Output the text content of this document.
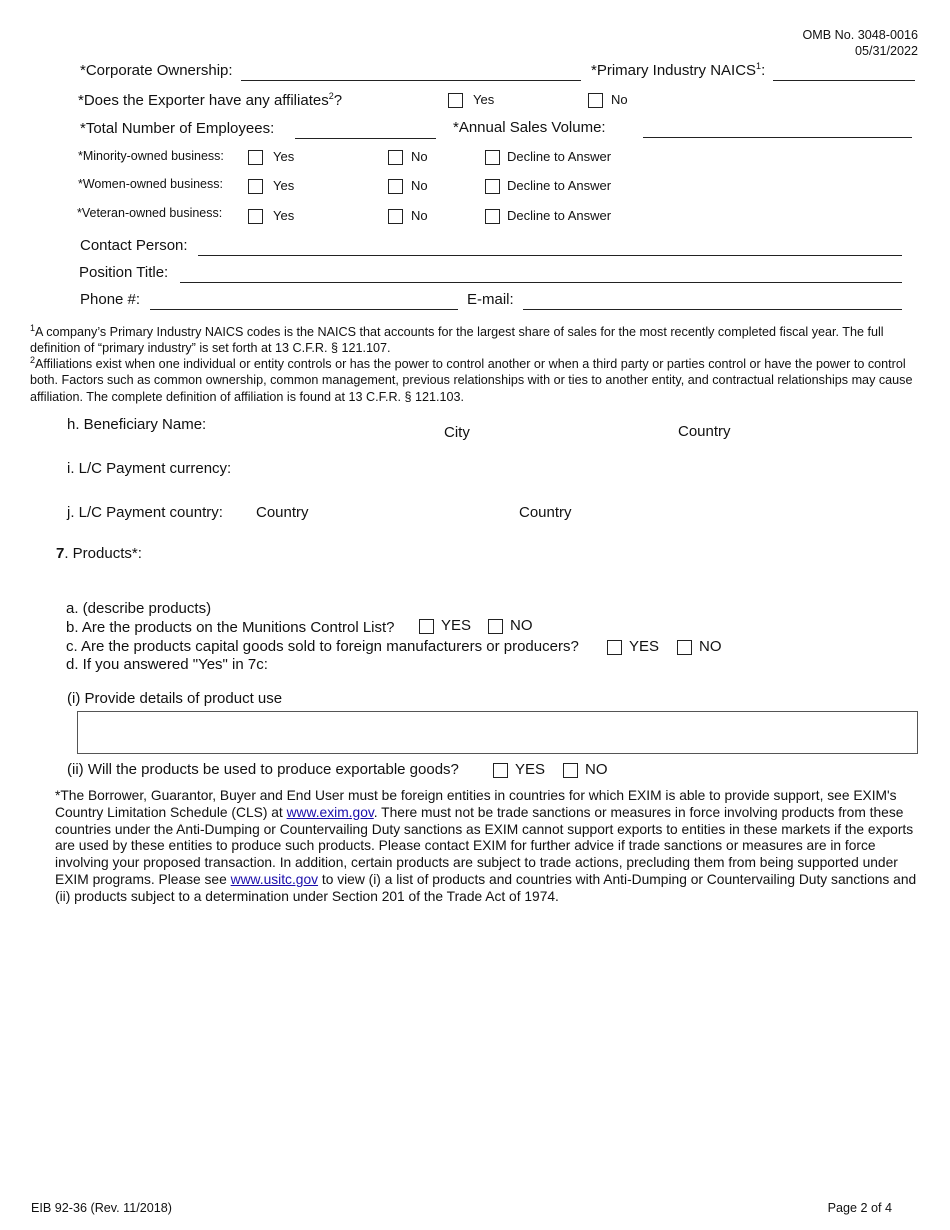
OMB No. 3048-0016
05/31/2022
*Corporate Ownership:	*Primary Industry NAICS$^1$:
*Does the Exporter have any affiliates$^2$?	Yes	No
*Total Number of Employees:	*Annual Sales Volume:
*Minority-owned business:	Yes	No	Decline to Answer
*Women-owned business:	Yes	No	Decline to Answer
*Veteran-owned business:	Yes	No	Decline to Answer
Contact Person:
Position Title:
Phone #:	E-mail:
$^1$A company’s Primary Industry NAICS codes is the NAICS that accounts for the largest share of sales for the most recently completed fiscal year. The full definition of “primary industry” is set forth at 13 C.F.R. § 121.107.
$^2$Affiliations exist when one individual or entity controls or has the power to control another or when a third party or parties control or have the power to control both. Factors such as common ownership, common management, previous relationships with or ties to another entity, and contractual relationships may cause affiliation. The complete definition of affiliation is found at 13 C.F.R. § 121.103.
h. Beneficiary Name:	City	Country
i. L/C Payment currency:
j. L/C Payment country: Country	Country
7. Products*:
a. (describe products)
b. Are the products on the Munitions Control List?	YES	NO
c. Are the products capital goods sold to foreign manufacturers or producers?	YES	NO
d. If you answered "Yes" in 7c:
(i) Provide details of product use
(ii) Will the products be used to produce exportable goods?	YES	NO
*The Borrower, Guarantor, Buyer and End User must be foreign entities in countries for which EXIM is able to provide support, see EXIM's Country Limitation Schedule (CLS) at www.exim.gov. There must not be trade sanctions or measures in force involving products from these countries under the Anti-Dumping or Countervailing Duty sanctions as EXIM cannot support exports to entities in these markets if the exports are used by these entities to produce such products. Please contact EXIM for further advice if trade sanctions or measures are in force involving your proposed transaction. In addition, certain products are subject to trade actions, precluding them from being supported under EXIM programs. Please see www.usitc.gov to view (i) a list of products and countries with Anti-Dumping or Countervailing Duty sanctions and (ii) products subject to a determination under Section 201 of the Trade Act of 1974.
EIB 92-36 (Rev. 11/2018)	Page 2 of 4
